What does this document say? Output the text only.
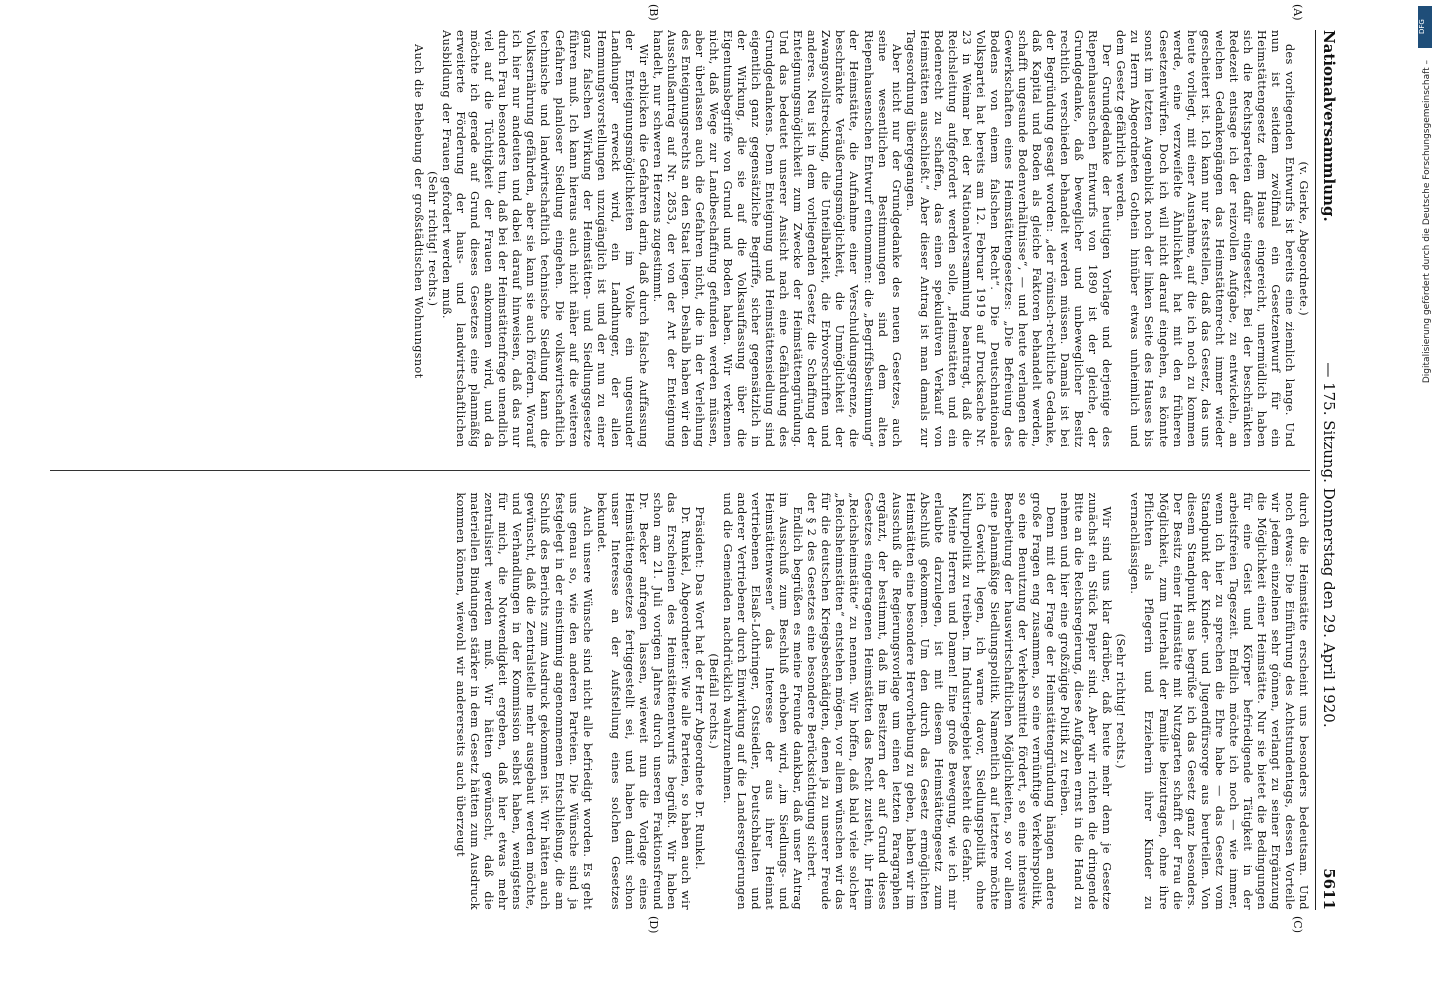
Nationalversammlung.
— 175. Sitzung. Donnerstag den 29. April 1920.
5611
(A)
(B)
(C)
(D)

(v. Gierke, Abgeordnete.)

des vorliegenden Entwurfs ist bereits eine ziemlich lange. Und nun ist seitdem zwölfmal ein Gesetzentwurf für ein Heimstättengesetz dem Hause eingereicht, unermüdlich haben sich die Rechtsparteien dafür eingesetzt. Bei der beschränkten Redezeit entsage ich der reizvollen Aufgabe, zu entwickeln, an welchen Gedankengängen das Heimstättenrecht immer wieder gescheitert ist. Ich kann nur feststellen, daß das Gesetz, das uns heute vorliegt, mit einer Ausnahme, auf die ich noch zu kommen werde, eine verzweifelte Ähnlichkeit hat mit den früheren Gesetzentwürfen. Doch ich will nicht darauf eingehen, es könnte sonst im letzten Augenblick noch der linken Seite des Hauses bis zu Herrn Abgeordneten Gothein hinüber etwas unheimlich und dem Gesetz gefährlich werden.

Der Grundgedanke der heutigen Vorlage und derjenige des Riepenhausenschen Entwurfs von 1890 ist der gleiche, der Grundgedanke, daß beweglicher und unbeweglicher Besitz rechtlich verschieden behandelt werden müssen. Damals ist bei der Begründung gesagt worden: „der römisch-rechtliche Gedanke, daß Kapital und Boden als gleiche Faktoren behandelt werden, schafft ungesunde Bodenverhältnisse“, — und heute verlangen die Gewerkschaften eines Heimstättengesetzes: „Die Befreiung des Bodens von einem falschen Recht“. Die Deutschnationale Volkspartei hat bereits am 12. Februar 1919 auf Drucksache Nr. 23 in Weimar bei der Nationalversammlung beantragt, daß die Reichsleitung aufgefordert werden solle, „Heimstätten und ein Bodenrecht zu schaffen, das einen spekulativen Verkauf von Heimstätten ausschließt.“ Aber dieser Antrag ist man damals zur Tagesordnung übergegangen.

Aber nicht nur der Grundgedanke des neuen Gesetzes, auch seine wesentlichen Bestimmungen sind dem alten Riepenhausenschen Entwurf entnommen: die „Begriffsbestimmung“ der Heimstätte, die Aufnahme einer Verschuldungsgrenze, die beschränkte Veräußerungsmöglichkeit, die Unmöglichkeit der Zwangsvollstreckung, die Unteilbarkeit, die Erbvorschriften und anderes. Neu ist in dem vorliegenden Gesetz die Schaffung der Enteignungsmöglichkeit zum Zwecke der Heimstättengründung. Und das bedeutet unserer Ansicht nach eine Gefährdung des Grundgedankens. Denn Enteignung und Heimstättensiedlung sind eigentlich ganz gegensätzliche Begriffe, sicher gegensätzlich in der Wirkung, die sie auf die Volksauffassung über die Eigentumsbegriffe von Grund und Boden haben. Wir verkennen nicht, daß Wege zur Landbeschaffung gefunden werden müssen, aber überlassen auch die Gefahren nicht, die in der Verleihung des Enteignungsrechts an den Staat liegen. Deshalb haben wir den Ausschußantrag auf Nr. 2853, der von der Art der Enteignung handelt, nur schweren Herzens zugestimmt.

Wir erblicken die Gefahren darin, daß durch falsche Auffassung der Enteignungsmöglichkeiten im Volke ein ungesunder Landhunger erweckt wird, ein Landhunger, der allen Hemmungsvorstellungen unzugänglich ist und der nun zu einer ganz falschen Wirkung der Heimstätten- und Siedlungsgesetze führen muß. Ich kann hieraus auch nicht näher auf die weiteren Gefahren planloser Siedlung eingehen. Die volkswirtschaftlich technische und landwirtschaftlich technische Siedlung kann die Volksernährung gefährden, aber sie kann sie auch fördern. Worauf ich hier nur andeuten und dabei darauf hinweisen, daß das nur durch Frau besonders tun, daß bei der Heimstättenfrage unendlich viel auf die Tüchtigkeit der Frauen ankommen wird, und da möchte ich gerade auf Grund dieses Gesetzes eine planmäßig erweiterte Förderung der haus- und landwirtschaftlichen Ausbildung der Frauen gefordert werden muß.

(Sehr richtig! rechts.)

Auch die Behebung der großstädtischen Wohnungsnot

durch die Heimstätte erscheint uns besonders bedeutsam. Und noch etwas: Die Einführung des Achtstundentags, dessen Vorteile wir jedem einzelnen sehr gönnen, verlangt zu seiner Ergänzung die Möglichkeit einer Heimstätte. Nur sie bietet die Bedingungen für eine Geist und Körper befriedigende Tätigkeit in der arbeitsfreien Tageszeit. Endlich möchte ich noch — wie immer, wenn ich hier zu sprechen die Ehre habe — das Gesetz vom Standpunkt der Kinder- und Jugendfürsorge aus beurteilen. Von diesem Standpunkt aus begrüße ich das Gesetz ganz besonders. Der Besitz einer Heimstätte mit Nutzgarten schafft der Frau die Möglichkeit, zum Unterhalt der Familie beizutragen, ohne ihre Pflichten als Pflegerin und Erzieherin ihrer Kinder zu vernachlässigen.

(Sehr richtig! rechts.)

Wir sind uns klar darüber, daß heute mehr denn je Gesetze zunächst ein Stück Papier sind. Aber wir richten die dringende Bitte an die Reichsregierung, diese Aufgaben ernst in die Hand zu nehmen und hier eine großzügige Politik zu treiben.

Denn mit der Frage der Heimstättengründung hängen andere große Fragen eng zusammen, so eine vernünftige Verkehrspolitik, so eine Benutzung der Verkehrsmittel fördert, so eine intensive Bearbeitung der hauswirtschaftlichen Möglichkeiten, so vor allem eine planmäßige Siedlungspolitik. Namentlich auf letztere möchte ich Gewicht legen, ich warne davor, Siedlungspolitik ohne Kulturpolitik zu treiben. Im Industriegebiet besteht die Gefahr.

Meine Herren und Damen! Eine große Bewegung, wie ich mir erlaubte darzulegen, ist mit diesem Heimstättengesetz zum Abschluß gekommen. Um den durch das Gesetz ermöglichten Heimstätten eine besondere Hervorhebung zu geben, haben wir im Ausschuß die Regierungsvorlage um einen letzten Paragraphen ergänzt, der bestimmt, daß im Besitzern der auf Grund dieses Gesetzes eingetragenen Heimstätten das Recht zusteht, ihr Heim „Reichsheimstätte“ zu nennen. Wir hoffen, daß bald viele solcher „Reichsheimstätten“ entstehen mögen, vor allem wünschen wir das für die deutschen Kriegsbeschädigten, denen ja zu unserer Freude der § 2 des Gesetzes eine besondere Berücksichtigung sichert.

Endlich begrüßen es meine Freunde dankbar, daß unser Antrag im Ausschuß zum Beschluß erhoben wird, „im Siedlungs- und Heimstättenwesen“ das Interesse der aus ihrer Heimat vertriebenen Elsaß-Lothringer, Ostsiedler, Deutschbalten und anderer Vertriebener durch Einwirkung auf die Landesregierungen und die Gemeinden nachdrücklich wahrzunehmen.

(Beifall rechts.)

Präsident: Das Wort hat der Herr Abgeordnete Dr. Runkel.

Dr. Runkel, Abgeordneter: Wie alle Parteien, so haben auch wir das Erscheinen des Heimstättenentwurfs begrüßt. Wir haben schon am 21. Juli vorigen Jahres durch unseren Fraktionsfreund Dr. Becker anfragen lassen, wieweit nun die Vorlage eines Heimstättengesetzes fertiggestellt sei, und haben damit schon unser Interesse an der Aufstellung eines solchen Gesetzes bekundet.

Auch unsere Wünsche sind nicht alle befriedigt worden. Es geht uns genau so, wie den anderen Parteien. Die Wünsche sind ja festgelegt in der einstimmig angenommenen Entschließung, die am Schluß des Berichts zum Ausdruck gekommen ist. Wir hätten auch gewünscht, daß die Zentralstelle mehr ausgebaut werden möchte, und Verhandlungen in der Kommission selbst haben, wenigstens für mich, die Notwendigkeit ergeben, daß hier etwas mehr zentralisiert werden muß. Wir hätten gewünscht, daß die materiellen Bindungen stärker in dem Gesetz hätten zum Ausdruck kommen können, wiewohl wir andererseits auch überzeugt

DFG
Digitalisierung gefördert durch die Deutsche Forschungsgemeinschaft –
